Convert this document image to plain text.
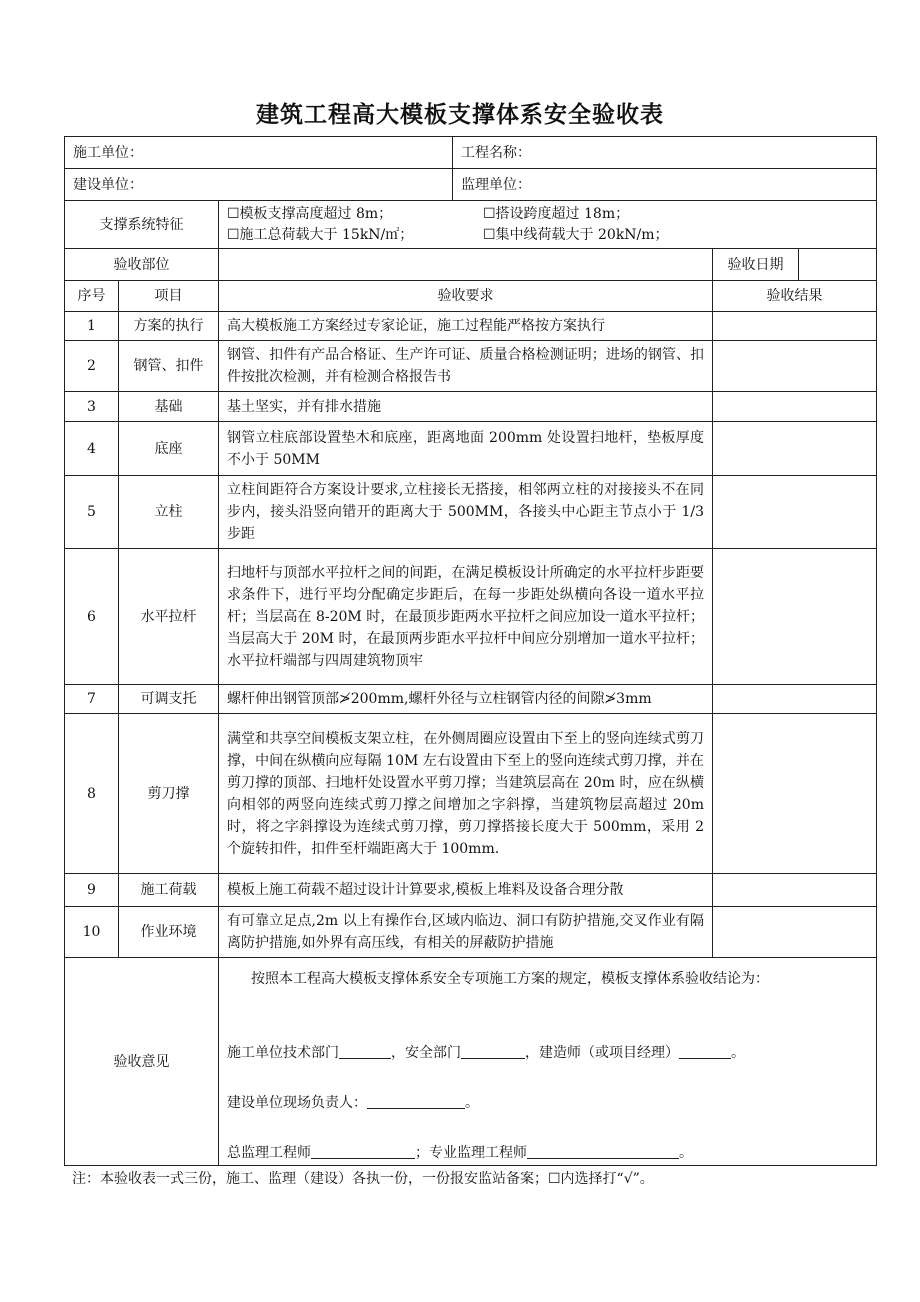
建筑工程高大模板支撑体系安全验收表
施工单位：			工程名称：		
建设单位：			监理单位：		
支撑系统特征		☐模板支撑高度超过 8m； ☐搭设跨度超过 18m；
☐施工总荷载大于 15kN/㎡； ☐集中线荷载大于 20kN/m；			

验收部位				验收日期	
序号	项目	验收要求		验收结果	
1	方案的执行	高大模板施工方案经过专家论证，施工过程能严格按方案执行			
2	钢管、扣件	钢管、扣件有产品合格证、生产许可证、质量合格检测证明；进场的钢管、扣件按批次检测，并有检测合格报告书			
3	基础	基土坚实，并有排水措施			
4	底座	钢管立柱底部设置垫木和底座，距离地面 200mm 处设置扫地杆，垫板厚度不小于 50MM			
5	立柱	立柱间距符合方案设计要求,立柱接长无搭接，相邻两立柱的对接接头不在同步内，接头沿竖向错开的距离大于 500MM，各接头中心距主节点小于 1/3 步距			
6	水平拉杆	扫地杆与顶部水平拉杆之间的间距，在满足模板设计所确定的水平拉杆步距要求条件下，进行平均分配确定步距后，在每一步距处纵横向各设一道水平拉杆；当层高在 8-20M 时，在最顶步距两水平拉杆之间应加设一道水平拉杆；当层高大于 20M 时，在最顶两步距水平拉杆中间应分别增加一道水平拉杆；水平拉杆端部与四周建筑物顶牢			
7	可调支托	螺杆伸出钢管顶部≯200mm,螺杆外径与立柱钢管内径的间隙≯3mm			
8	剪刀撑	满堂和共享空间模板支架立柱，在外侧周圈应设置由下至上的竖向连续式剪刀撑，中间在纵横向应每隔 10M 左右设置由下至上的竖向连续式剪刀撑，并在剪刀撑的顶部、扫地杆处设置水平剪刀撑；当建筑层高在 20m 时，应在纵横向相邻的两竖向连续式剪刀撑之间增加之字斜撑，当建筑物层高超过 20m 时，将之字斜撑设为连续式剪刀撑，剪刀撑搭接长度大于 500mm，采用 2 个旋转扣件，扣件至杆端距离大于 100mm.			
9	施工荷载	模板上施工荷载不超过设计计算要求,模板上堆料及设备合理分散			
10	作业环境	有可靠立足点,2m 以上有操作台,区域内临边、洞口有防护措施,交叉作业有隔离防护措施,如外界有高压线，有相关的屏蔽防护措施			
验收意见		按照本工程高大模板支撑体系安全专项施工方案的规定，模板支撑体系验收结论为：

施工单位技术部门 ，安全部门 ，建造师（或项目经理） 。

建设单位现场负责人： 。

总监理工程师 ；专业监理工程师 。			

注：本验收表一式三份，施工、监理（建设）各执一份，一份报安监站备案；☐内选择打“√”。
